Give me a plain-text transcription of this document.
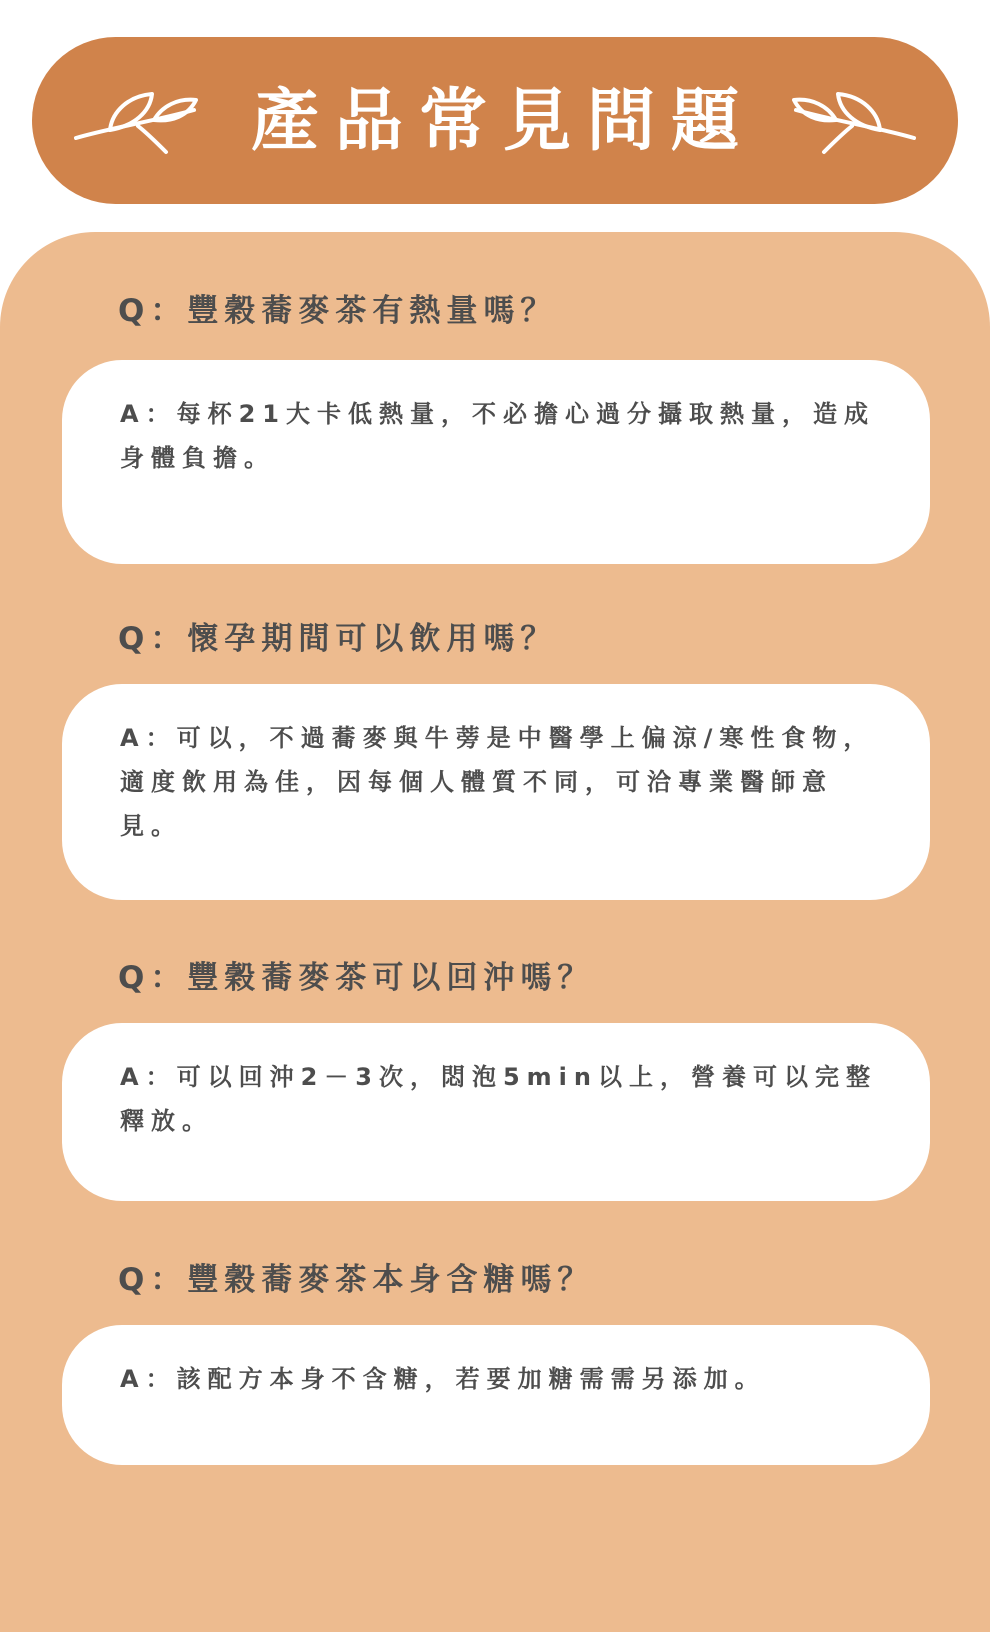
產品常見問題
Q：豐穀蕎麥茶有熱量嗎？

A：每杯21大卡低熱量，不必擔心過分攝取熱量，造成身體負擔。

Q：懷孕期間可以飲用嗎？

A：可以，不過蕎麥與牛蒡是中醫學上偏涼/寒性食物，適度飲用為佳，因每個人體質不同，可洽專業醫師意見。

Q：豐穀蕎麥茶可以回沖嗎？

A：可以回沖2－3次，悶泡5min以上，營養可以完整釋放。

Q：豐穀蕎麥茶本身含糖嗎？

A：該配方本身不含糖，若要加糖需需另添加。
